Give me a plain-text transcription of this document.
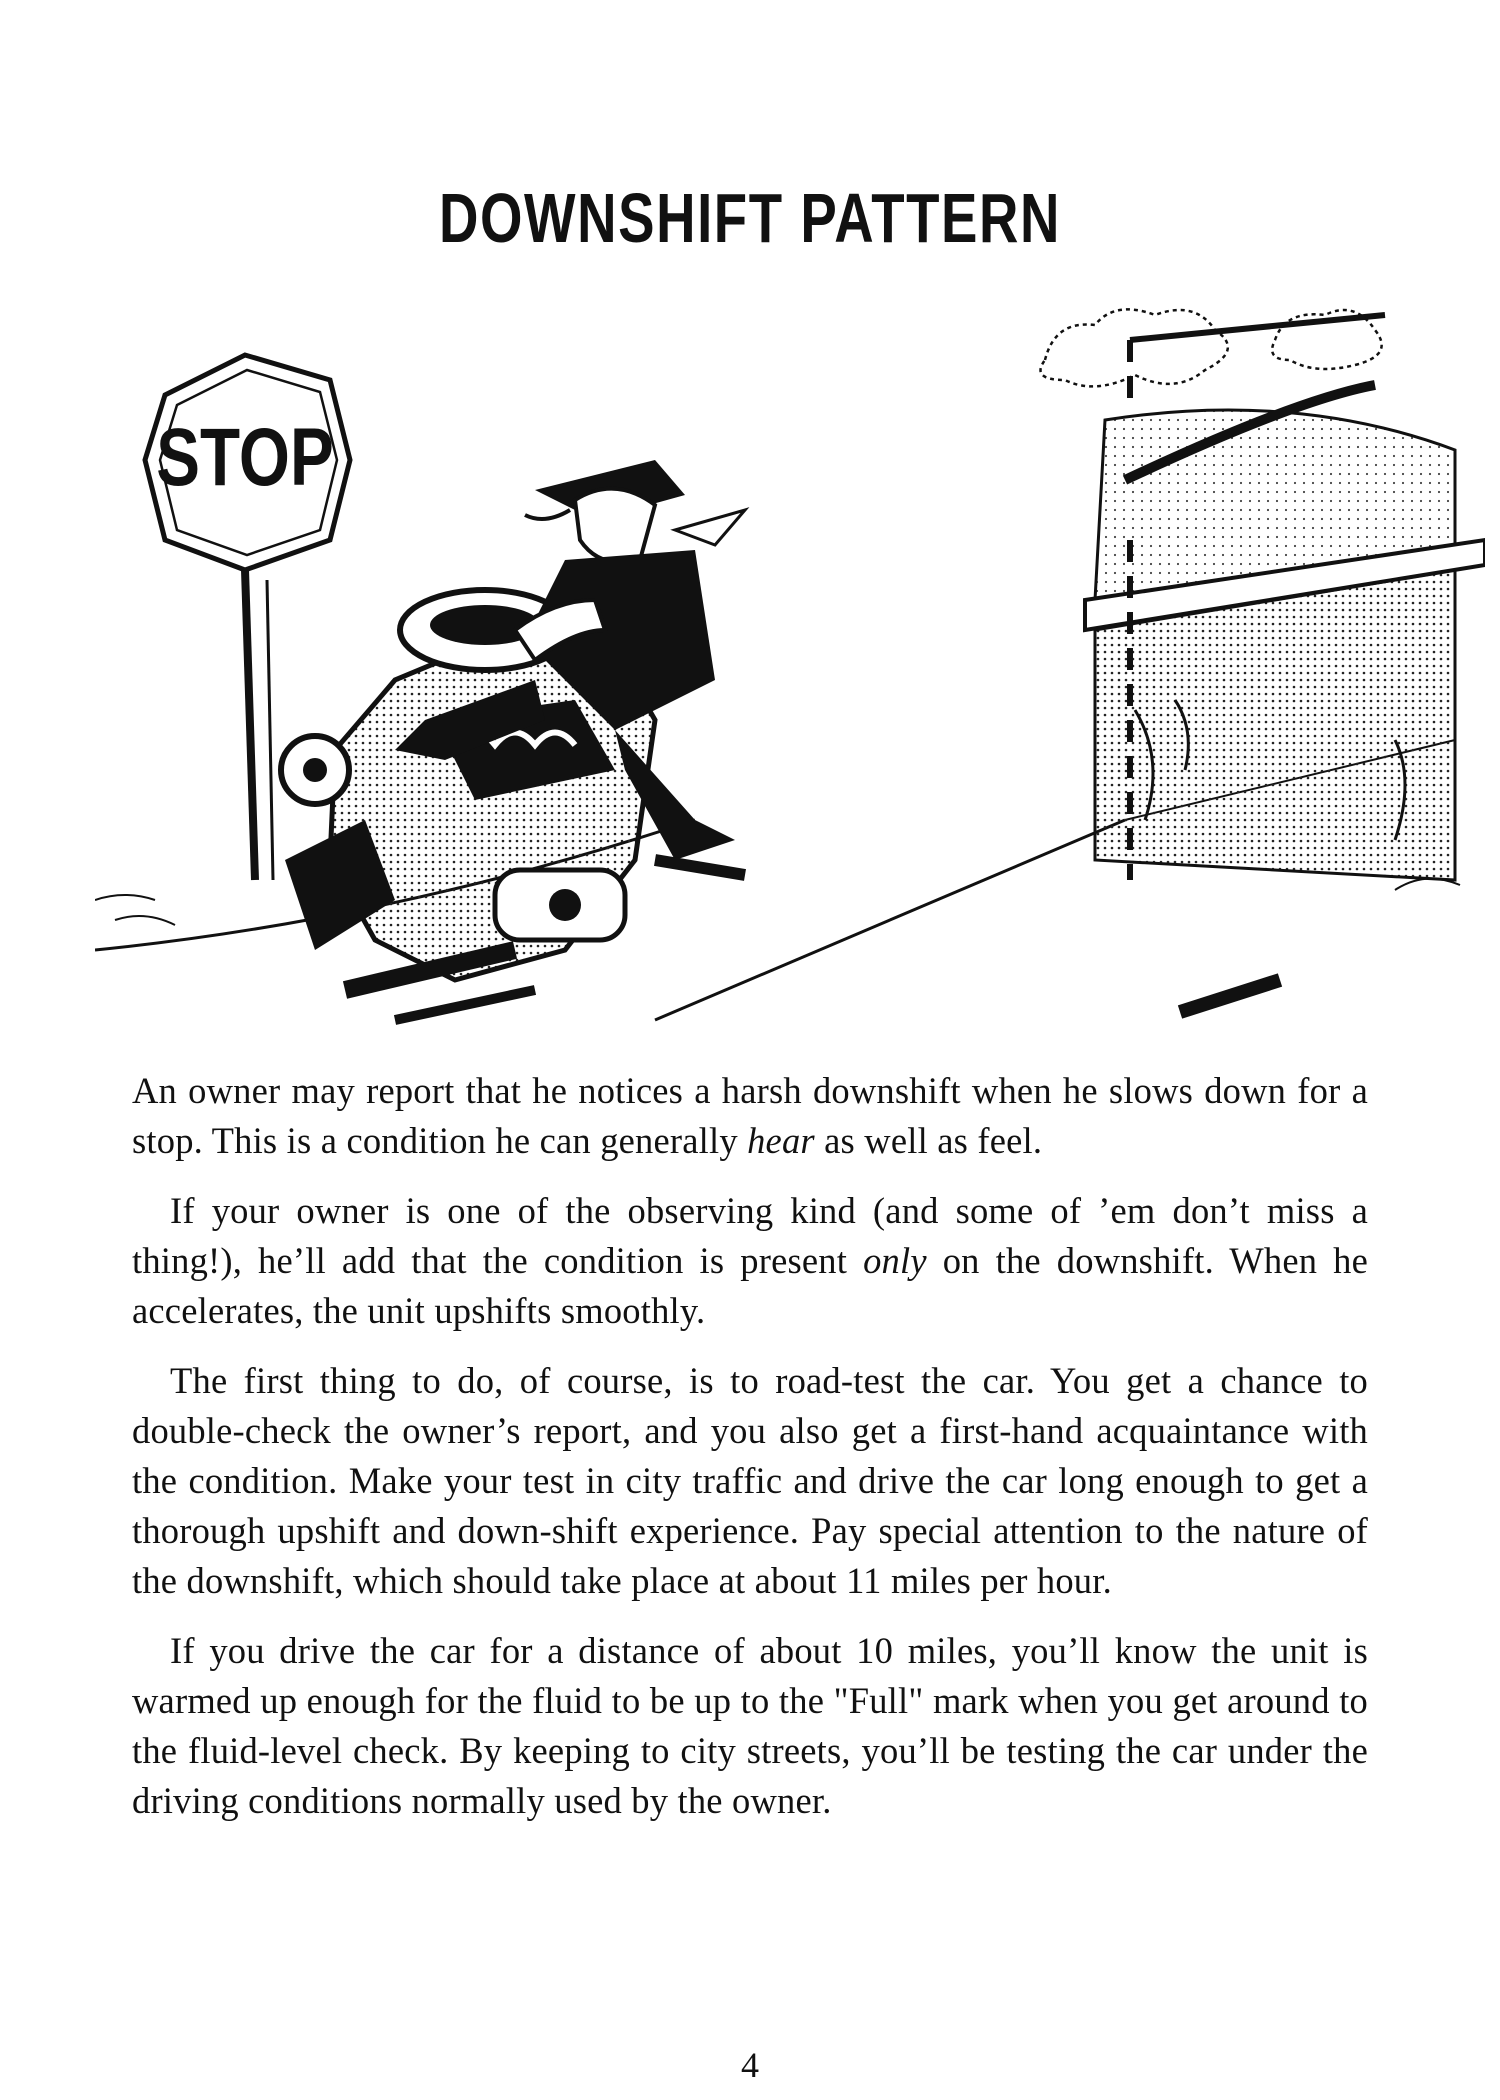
DOWNSHIFT PATTERN
STOP

An owner may report that he notices a harsh downshift when he slows down for a stop. This is a condition he can generally hear as well as feel.

If your owner is one of the observing kind (and some of ’em don’t miss a thing!), he’ll add that the condition is present only on the downshift. When he accelerates, the unit upshifts smoothly.

The first thing to do, of course, is to road-test the car. You get a chance to double-check the owner’s report, and you also get a first-hand acquaintance with the condition. Make your test in city traffic and drive the car long enough to get a thorough upshift and down-shift experience. Pay special attention to the nature of the downshift, which should take place at about 11 miles per hour.

If you drive the car for a distance of about 10 miles, you’ll know the unit is warmed up enough for the fluid to be up to the "Full" mark when you get around to the fluid-level check. By keeping to city streets, you’ll be testing the car under the driving conditions normally used by the owner.

4
